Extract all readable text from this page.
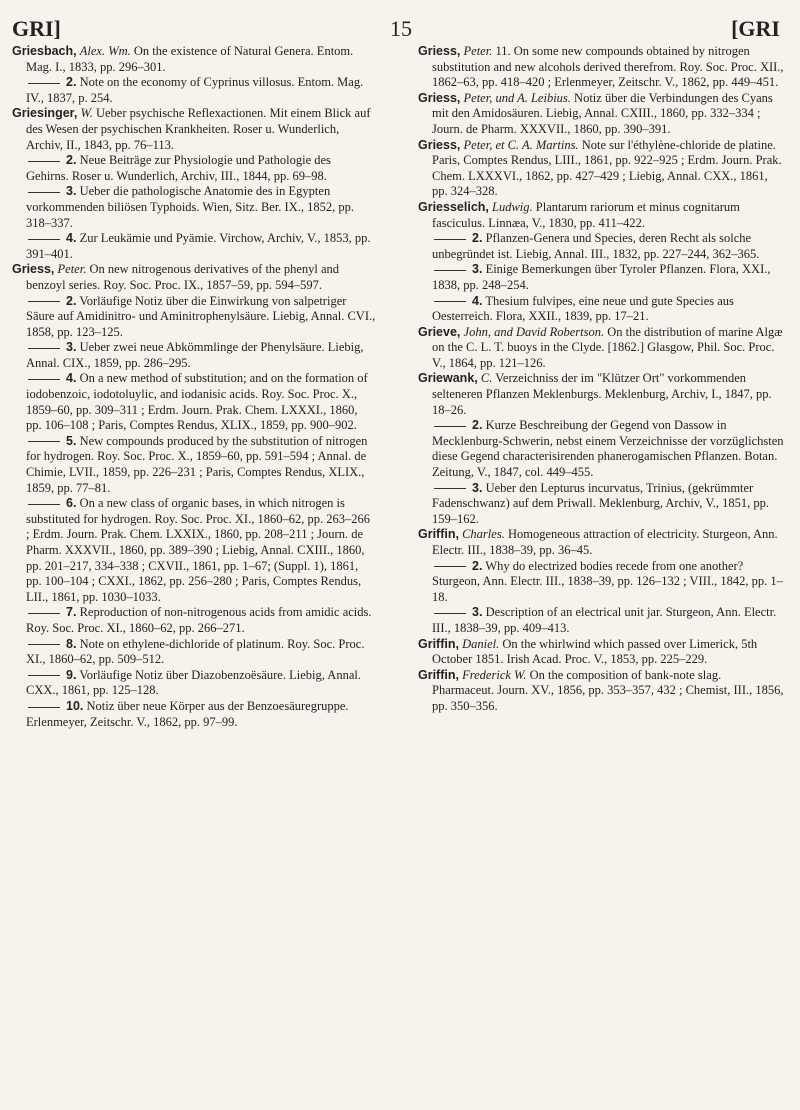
GRI]	15	[GRI
Griesbach, Alex. Wm. On the existence of Natural Genera. Entom. Mag. I., 1833, pp. 296–301.
2. Note on the economy of Cyprinus villosus. Entom. Mag. IV., 1837, p. 254.
Griesinger, W. Ueber psychische Reflexactionen. Mit einem Blick auf des Wesen der psychischen Krankheiten. Roser u. Wunderlich, Archiv, II., 1843, pp. 76–113.
2. Neue Beiträge zur Physiologie und Pathologie des Gehirns. Roser u. Wunderlich, Archiv, III., 1844, pp. 69–98.
3. Ueber die pathologische Anatomie des in Egypten vorkommenden biliösen Typhoids. Wien, Sitz. Ber. IX., 1852, pp. 318–337.
4. Zur Leukämie und Pyämie. Virchow, Archiv, V., 1853, pp. 391–401.
Griess, Peter. On new nitrogenous derivatives of the phenyl and benzoyl series. Roy. Soc. Proc. IX., 1857–59, pp. 594–597.
2. Vorläufige Notiz über die Einwirkung von salpetriger Säure auf Amidinitro- und Aminitrophenylsäure. Liebig, Annal. CVI., 1858, pp. 123–125.
3. Ueber zwei neue Abkömmlinge der Phenylsäure. Liebig, Annal. CIX., 1859, pp. 286–295.
4. On a new method of substitution; and on the formation of iodobenzoic, iodotoluylic, and iodanisic acids. Roy. Soc. Proc. X., 1859–60, pp. 309–311 ; Erdm. Journ. Prak. Chem. LXXXI., 1860, pp. 106–108 ; Paris, Comptes Rendus, XLIX., 1859, pp. 900–902.
5. New compounds produced by the substitution of nitrogen for hydrogen. Roy. Soc. Proc. X., 1859–60, pp. 591–594 ; Annal. de Chimie, LVII., 1859, pp. 226–231 ; Paris, Comptes Rendus, XLIX., 1859, pp. 77–81.
6. On a new class of organic bases, in which nitrogen is substituted for hydrogen. Roy. Soc. Proc. XI., 1860–62, pp. 263–266 ; Erdm. Journ. Prak. Chem. LXXIX., 1860, pp. 208–211 ; Journ. de Pharm. XXXVII., 1860, pp. 389–390 ; Liebig, Annal. CXIII., 1860, pp. 201–217, 334–338 ; CXVII., 1861, pp. 1–67; (Suppl. 1), 1861, pp. 100–104 ; CXXI., 1862, pp. 256–280 ; Paris, Comptes Rendus, LII., 1861, pp. 1030–1033.
7. Reproduction of non-nitrogenous acids from amidic acids. Roy. Soc. Proc. XI., 1860–62, pp. 266–271.
8. Note on ethylene-dichloride of platinum. Roy. Soc. Proc. XI., 1860–62, pp. 509–512.
9. Vorläufige Notiz über Diazobenzoësäure. Liebig, Annal. CXX., 1861, pp. 125–128.
10. Notiz über neue Körper aus der Benzoesäuregruppe. Erlenmeyer, Zeitschr. V., 1862, pp. 97–99.
Griess, Peter. 11. On some new compounds obtained by nitrogen substitution and new alcohols derived therefrom. Roy. Soc. Proc. XII., 1862–63, pp. 418–420 ; Erlenmeyer, Zeitschr. V., 1862, pp. 449–451.
Griess, Peter, und A. Leibius. Notiz über die Verbindungen des Cyans mit den Amidosäuren. Liebig, Annal. CXIII., 1860, pp. 332–334 ; Journ. de Pharm. XXXVII., 1860, pp. 390–391.
Griess, Peter, et C. A. Martins. Note sur l'éthylène-chloride de platine. Paris, Comptes Rendus, LIII., 1861, pp. 922–925 ; Erdm. Journ. Prak. Chem. LXXXVI., 1862, pp. 427–429 ; Liebig, Annal. CXX., 1861, pp. 324–328.
Griesselich, Ludwig. Plantarum rariorum et minus cognitarum fasciculus. Linnæa, V., 1830, pp. 411–422.
2. Pflanzen-Genera und Species, deren Recht als solche unbegründet ist. Liebig, Annal. III., 1832, pp. 227–244, 362–365.
3. Einige Bemerkungen über Tyroler Pflanzen. Flora, XXI., 1838, pp. 248–254.
4. Thesium fulvipes, eine neue und gute Species aus Oesterreich. Flora, XXII., 1839, pp. 17–21.
Grieve, John, and David Robertson. On the distribution of marine Algæ on the C. L. T. buoys in the Clyde. [1862.] Glasgow, Phil. Soc. Proc. V., 1864, pp. 121–126.
Griewank, C. Verzeichniss der im "Klützer Ort" vorkommenden selteneren Pflanzen Meklenburgs. Meklenburg, Archiv, I., 1847, pp. 18–26.
2. Kurze Beschreibung der Gegend von Dassow in Mecklenburg-Schwerin, nebst einem Verzeichnisse der vorzüglichsten diese Gegend characterisirenden phanerogamischen Pflanzen. Botan. Zeitung, V., 1847, col. 449–455.
3. Ueber den Lepturus incurvatus, Trinius, (gekrümmter Fadenschwanz) auf dem Priwall. Meklenburg, Archiv, V., 1851, pp. 159–162.
Griffin, Charles. Homogeneous attraction of electricity. Sturgeon, Ann. Electr. III., 1838–39, pp. 36–45.
2. Why do electrized bodies recede from one another? Sturgeon, Ann. Electr. III., 1838–39, pp. 126–132 ; VIII., 1842, pp. 1–18.
3. Description of an electrical unit jar. Sturgeon, Ann. Electr. III., 1838–39, pp. 409–413.
Griffin, Daniel. On the whirlwind which passed over Limerick, 5th October 1851. Irish Acad. Proc. V., 1853, pp. 225–229.
Griffin, Frederick W. On the composition of bank-note slag. Pharmaceut. Journ. XV., 1856, pp. 353–357, 432 ; Chemist, III., 1856, pp. 350–356.
